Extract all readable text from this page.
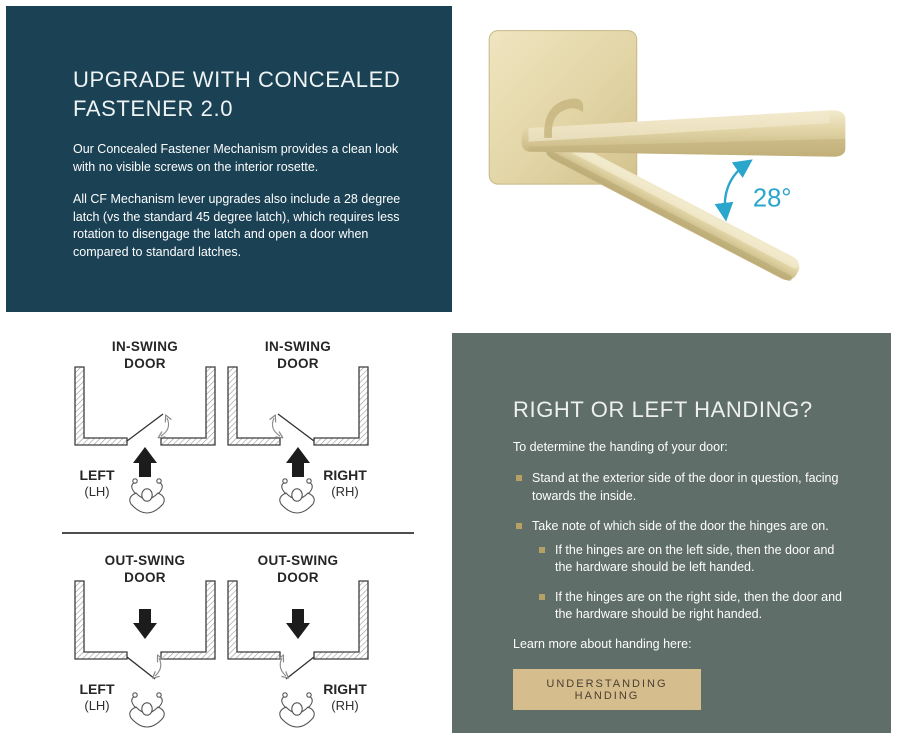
UPGRADE WITH CONCEALED FASTENER 2.0

Our Concealed Fastener Mechanism provides a clean look with no visible screws on the interior rosette.

All CF Mechanism lever upgrades also include a 28 degree latch (vs the standard 45 degree latch), which requires less rotation to disengage the latch and open a door when compared to standard latches.

28°
IN-SWING
DOOR
LEFT
(LH)
IN-SWING
DOOR
RIGHT
(RH)
OUT-SWING
DOOR
LEFT
(LH)
OUT-SWING
DOOR
RIGHT
(RH)
RIGHT OR LEFT HANDING?

To determine the handing of your door:

Stand at the exterior side of the door in question, facing towards the inside.
Take note of which side of the door the hinges are on.
If the hinges are on the left side, then the door and the hardware should be left handed.
If the hinges are on the right side, then the door and the hardware should be right handed.

Learn more about handing here:

UNDERSTANDING HANDING
